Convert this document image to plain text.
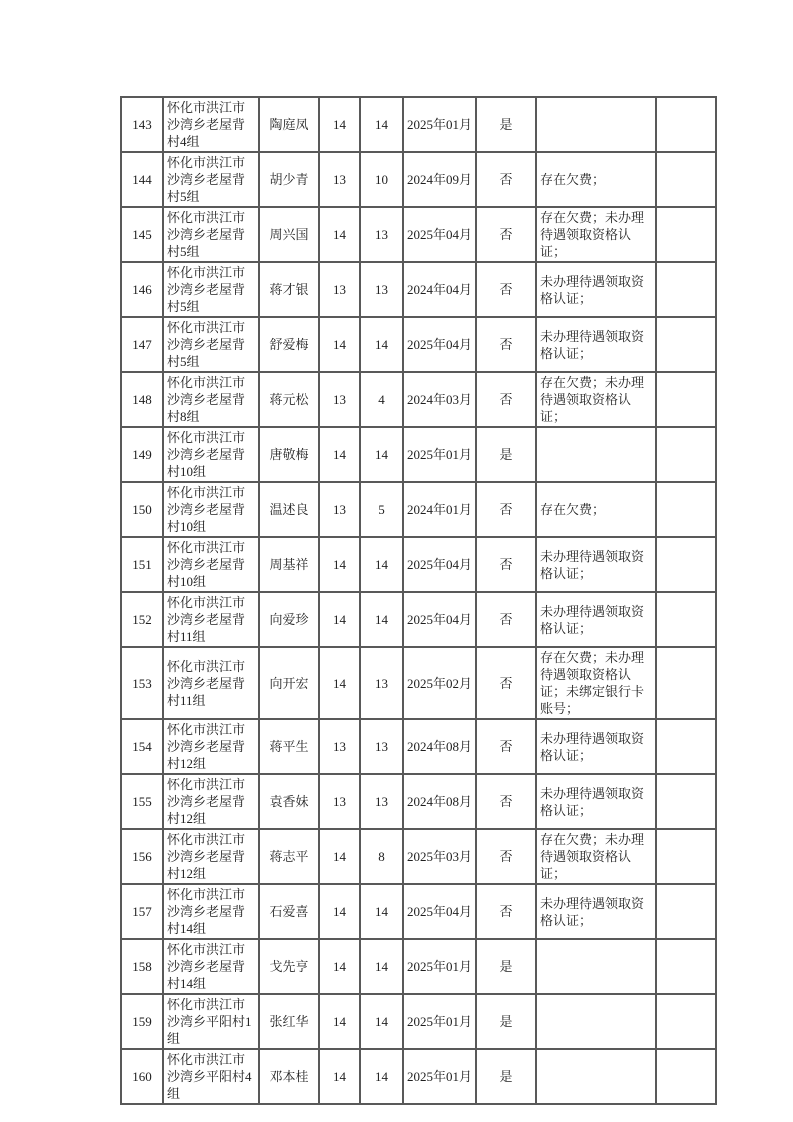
143	怀化市洪江市沙湾乡老屋背村4组	陶庭凤	14	14	2025年01月	是		
144	怀化市洪江市沙湾乡老屋背村5组	胡少青	13	10	2024年09月	否	存在欠费；	
145	怀化市洪江市沙湾乡老屋背村5组	周兴国	14	13	2025年04月	否	存在欠费；未办理待遇领取资格认证；	
146	怀化市洪江市沙湾乡老屋背村5组	蒋才银	13	13	2024年04月	否	未办理待遇领取资格认证；	
147	怀化市洪江市沙湾乡老屋背村5组	舒爱梅	14	14	2025年04月	否	未办理待遇领取资格认证；	
148	怀化市洪江市沙湾乡老屋背村8组	蒋元松	13	4	2024年03月	否	存在欠费；未办理待遇领取资格认证；	
149	怀化市洪江市沙湾乡老屋背村10组	唐敬梅	14	14	2025年01月	是		
150	怀化市洪江市沙湾乡老屋背村10组	温述良	13	5	2024年01月	否	存在欠费；	
151	怀化市洪江市沙湾乡老屋背村10组	周基祥	14	14	2025年04月	否	未办理待遇领取资格认证；	
152	怀化市洪江市沙湾乡老屋背村11组	向爱珍	14	14	2025年04月	否	未办理待遇领取资格认证；	
153	怀化市洪江市沙湾乡老屋背村11组	向开宏	14	13	2025年02月	否	存在欠费；未办理待遇领取资格认证；未绑定银行卡账号；	
154	怀化市洪江市沙湾乡老屋背村12组	蒋平生	13	13	2024年08月	否	未办理待遇领取资格认证；	
155	怀化市洪江市沙湾乡老屋背村12组	袁香妹	13	13	2024年08月	否	未办理待遇领取资格认证；	
156	怀化市洪江市沙湾乡老屋背村12组	蒋志平	14	8	2025年03月	否	存在欠费；未办理待遇领取资格认证；	
157	怀化市洪江市沙湾乡老屋背村14组	石爱喜	14	14	2025年04月	否	未办理待遇领取资格认证；	
158	怀化市洪江市沙湾乡老屋背村14组	戈先亨	14	14	2025年01月	是		
159	怀化市洪江市沙湾乡平阳村1组	张红华	14	14	2025年01月	是		
160	怀化市洪江市沙湾乡平阳村4组	邓本桂	14	14	2025年01月	是		
